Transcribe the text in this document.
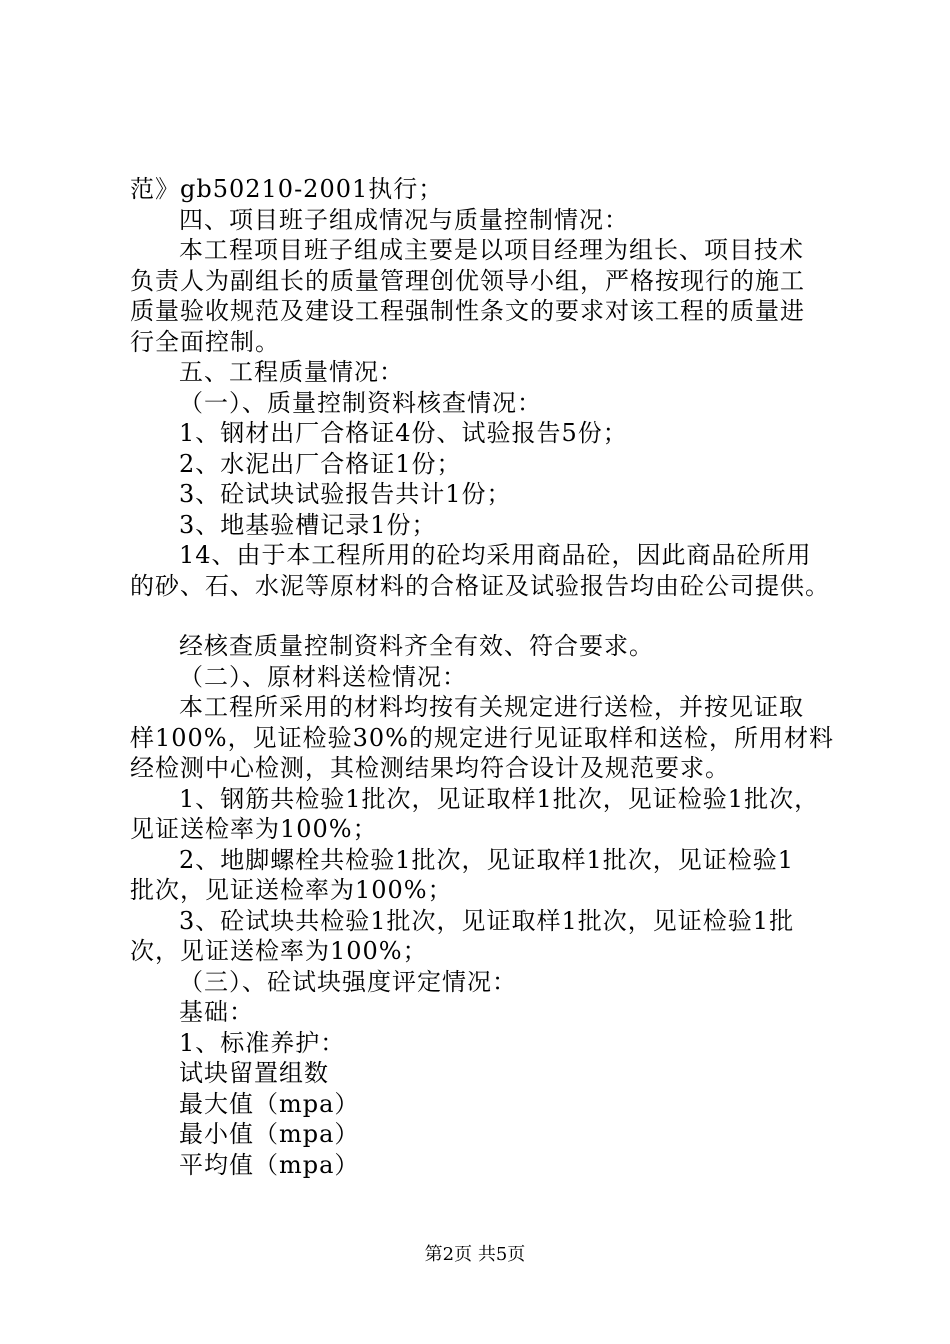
范》gb50210-2001执行；
四、项目班子组成情况与质量控制情况：
本工程项目班子组成主要是以项目经理为组长、项目技术
负责人为副组长的质量管理创优领导小组，严格按现行的施工
质量验收规范及建设工程强制性条文的要求对该工程的质量进
行全面控制。
五、工程质量情况：
（一）、质量控制资料核查情况：
1、钢材出厂合格证4份、试验报告5份；
2、水泥出厂合格证1份；
3、砼试块试验报告共计1份；
3、地基验槽记录1份；
14、由于本工程所用的砼均采用商品砼，因此商品砼所用
的砂、石、水泥等原材料的合格证及试验报告均由砼公司提供。
经核查质量控制资料齐全有效、符合要求。
（二）、原材料送检情况：
本工程所采用的材料均按有关规定进行送检，并按见证取
样100%，见证检验30%的规定进行见证取样和送检，所用材料
经检测中心检测，其检测结果均符合设计及规范要求。
1、钢筋共检验1批次，见证取样1批次，见证检验1批次，
见证送检率为100%；
2、地脚螺栓共检验1批次，见证取样1批次，见证检验1
批次，见证送检率为100%；
3、砼试块共检验1批次，见证取样1批次，见证检验1批
次，见证送检率为100%；
（三）、砼试块强度评定情况：
基础：
1、标准养护：
试块留置组数
最大值（mpa）
最小值（mpa）
平均值（mpa）
第2页 共5页
